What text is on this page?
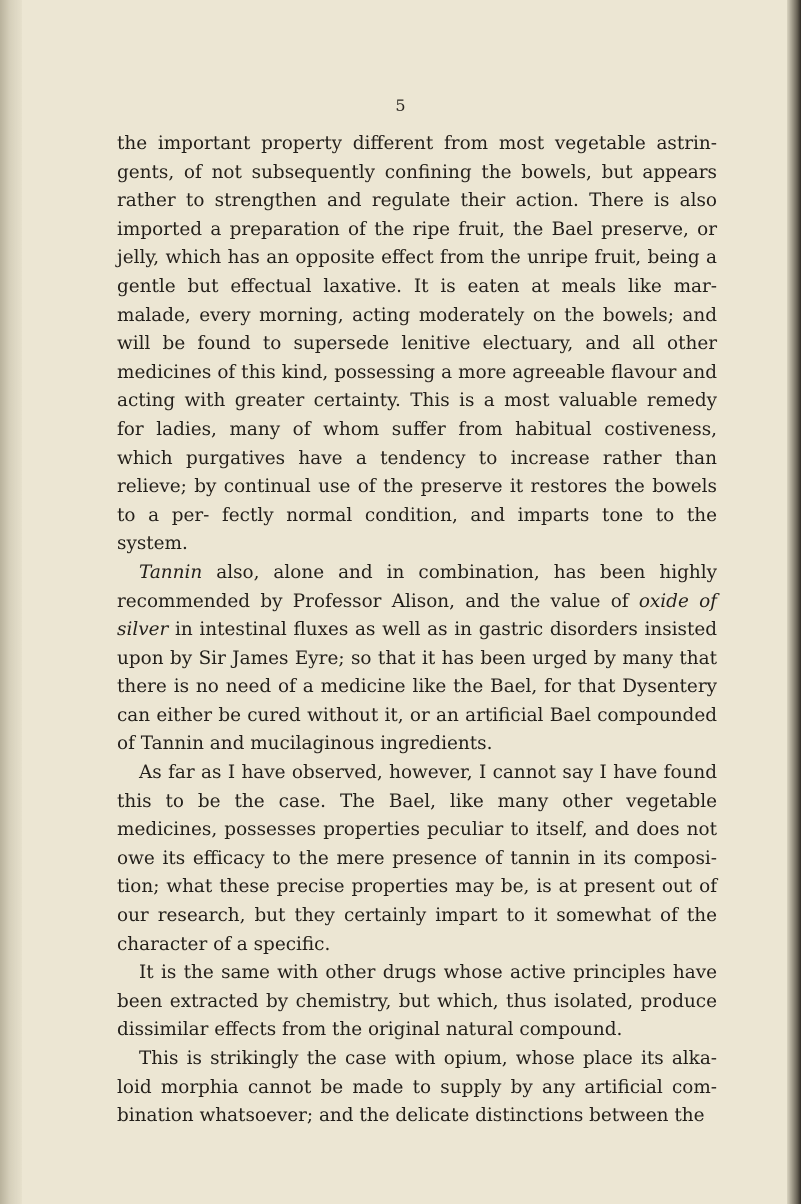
5

the important property different from most vegetable astrin- gents, of not subsequently confining the bowels, but appears rather to strengthen and regulate their action. There is also imported a preparation of the ripe fruit, the Bael preserve, or jelly, which has an opposite effect from the unripe fruit, being a gentle but effectual laxative. It is eaten at meals like mar- malade, every morning, acting moderately on the bowels; and will be found to supersede lenitive electuary, and all other medicines of this kind, possessing a more agreeable flavour and acting with greater certainty. This is a most valuable remedy for ladies, many of whom suffer from habitual costiveness, which purgatives have a tendency to increase rather than relieve; by continual use of the preserve it restores the bowels to a per- fectly normal condition, and imparts tone to the system.

Tannin also, alone and in combination, has been highly recommended by Professor Alison, and the value of oxide of silver in intestinal fluxes as well as in gastric disorders insisted upon by Sir James Eyre; so that it has been urged by many that there is no need of a medicine like the Bael, for that Dysentery can either be cured without it, or an artificial Bael compounded of Tannin and mucilaginous ingredients.

As far as I have observed, however, I cannot say I have found this to be the case. The Bael, like many other vegetable medicines, possesses properties peculiar to itself, and does not owe its efficacy to the mere presence of tannin in its composi- tion; what these precise properties may be, is at present out of our research, but they certainly impart to it somewhat of the character of a specific.

It is the same with other drugs whose active principles have been extracted by chemistry, but which, thus isolated, produce dissimilar effects from the original natural compound.

This is strikingly the case with opium, whose place its alka- loid morphia cannot be made to supply by any artificial com- bination whatsoever; and the delicate distinctions between the
